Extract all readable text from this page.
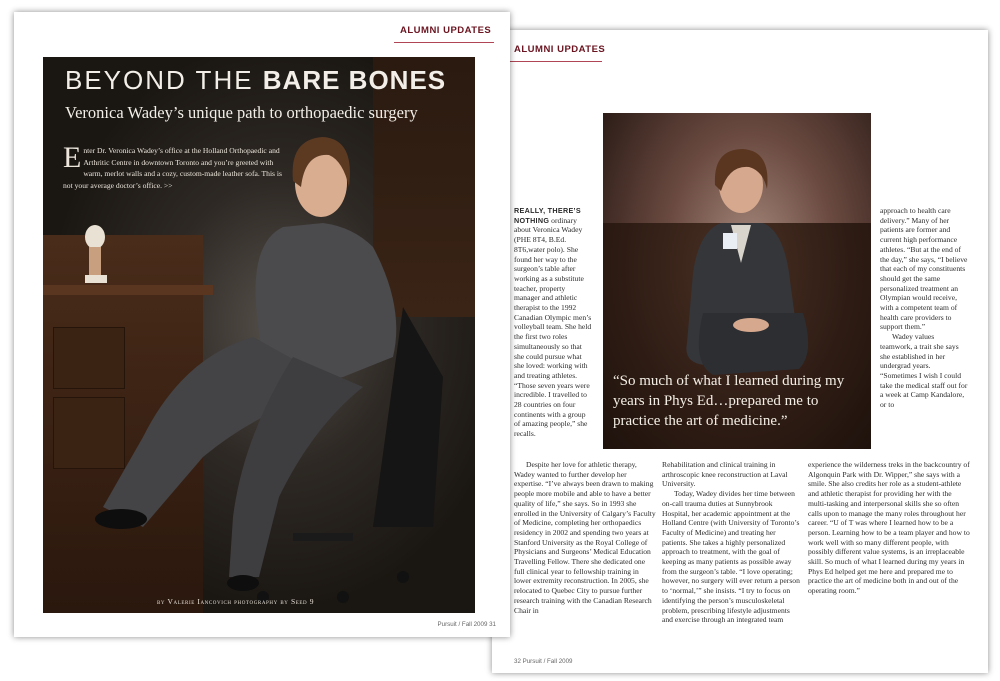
ALUMNI UPDATES
“So much of what I learned during my years in Phys Ed…prepared me to practice the art of medicine.”

REALLY, THERE’S NOTHING ordinary about Veronica Wadey (PHE 8T4, B.Ed. 8T6,water polo). She found her way to the surgeon’s table after working as a substitute teacher, property manager and athletic therapist to the 1992 Canadian Olympic men’s volleyball team. She held the first two roles simultaneously so that she could pursue what she loved: working with and treating athletes. “Those seven years were incredible. I travelled to 28 countries on four continents with a group of amazing people,” she recalls.

Despite her love for athletic therapy, Wadey wanted to further develop her expertise. “I’ve always been drawn to making people more mobile and able to have a better quality of life,” she says. So in 1993 she enrolled in the University of Calgary’s Faculty of Medicine, completing her orthopaedics residency in 2002 and spending two years at Stanford University as the Royal College of Physicians and Surgeons’ Medical Education Travelling Fellow. There she dedicated one full clinical year to fellowship training in lower extremity reconstruction. In 2005, she relocated to Quebec City to pursue further research training with the Canadian Research Chair in

Rehabilitation and clinical training in arthroscopic knee reconstruction at Laval University.

Today, Wadey divides her time between on-call trauma duties at Sunnybrook Hospital, her academic appointment at the Holland Centre (with University of Toronto’s Faculty of Medicine) and treating her patients. She takes a highly personalized approach to treatment, with the goal of keeping as many patients as possible away from the surgeon’s table. “I love operating; however, no surgery will ever return a person to ‘normal,’” she insists. “I try to focus on identifying the person’s musculoskeletal problem, prescribing lifestyle adjustments and exercise through an integrated team

approach to health care delivery.” Many of her patients are former and current high performance athletes. “But at the end of the day,” she says, “I believe that each of my constituents should get the same personalized treatment an Olympian would receive, with a competent team of health care providers to support them.”

Wadey values teamwork, a trait she says she established in her undergrad years. “Sometimes I wish I could take the medical staff out for a week at Camp Kandalore, or to

experience the wilderness treks in the backcountry of Algonquin Park with Dr. Wipper,” she says with a smile. She also credits her role as a student-athlete and athletic therapist for providing her with the multi-tasking and interpersonal skills she so often calls upon to manage the many roles throughout her career. “U of T was where I learned how to be a person. Learning how to be a team player and how to work well with so many different people, with possibly different value systems, is an irreplaceable skill. So much of what I learned during my years in Phys Ed helped get me here and prepared me to practice the art of medicine both in and out of the operating room.”

32 Pursuit / Fall 2009
ALUMNI UPDATES
BEYOND THE BARE BONES
Veronica Wadey’s unique path to orthopaedic surgery
Enter Dr. Veronica Wadey’s office at the Holland Orthopaedic and Arthritic Centre in downtown Toronto and you’re greeted with warm, merlot walls and a cozy, custom-made leather sofa. This is not your average doctor’s office. >>
by Valerie Iancovich photography by Seed 9
Pursuit / Fall 2009 31
